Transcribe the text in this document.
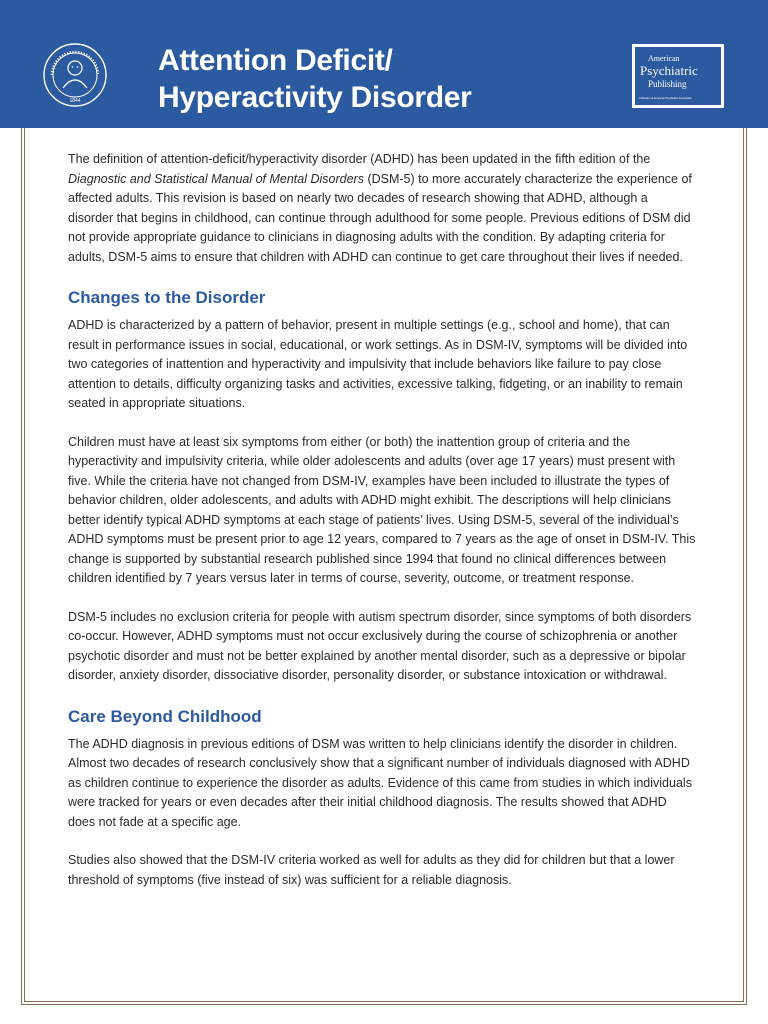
1844
Attention Deficit/
Hyperactivity Disorder
American
Psychiatric
Publishing
A Division of American Psychiatric Association

The definition of attention-deficit/hyperactivity disorder (ADHD) has been updated in the fifth edition of the Diagnostic and Statistical Manual of Mental Disorders (DSM-5) to more accurately characterize the experience of affected adults. This revision is based on nearly two decades of research showing that ADHD, although a disorder that begins in childhood, can continue through adulthood for some people. Previous editions of DSM did not provide appropriate guidance to clinicians in diagnosing adults with the condition. By adapting criteria for adults, DSM-5 aims to ensure that children with ADHD can continue to get care throughout their lives if needed.

Changes to the Disorder

ADHD is characterized by a pattern of behavior, present in multiple settings (e.g., school and home), that can result in performance issues in social, educational, or work settings. As in DSM-IV, symptoms will be divided into two categories of inattention and hyperactivity and impulsivity that include behaviors like failure to pay close attention to details, difficulty organizing tasks and activities, excessive talking, fidgeting, or an inability to remain seated in appropriate situations.

Children must have at least six symptoms from either (or both) the inattention group of criteria and the hyperactivity and impulsivity criteria, while older adolescents and adults (over age 17 years) must present with five. While the criteria have not changed from DSM-IV, examples have been included to illustrate the types of behavior children, older adolescents, and adults with ADHD might exhibit. The descriptions will help clinicians better identify typical ADHD symptoms at each stage of patients’ lives. Using DSM-5, several of the individual’s ADHD symptoms must be present prior to age 12 years, compared to 7 years as the age of onset in DSM-IV. This change is supported by substantial research published since 1994 that found no clinical differences between children identified by 7 years versus later in terms of course, severity, outcome, or treatment response.

DSM-5 includes no exclusion criteria for people with autism spectrum disorder, since symptoms of both disorders co-occur. However, ADHD symptoms must not occur exclusively during the course of schizophrenia or another psychotic disorder and must not be better explained by another mental disorder, such as a depressive or bipolar disorder, anxiety disorder, dissociative disorder, personality disorder, or substance intoxication or withdrawal.

Care Beyond Childhood

The ADHD diagnosis in previous editions of DSM was written to help clinicians identify the disorder in children. Almost two decades of research conclusively show that a significant number of individuals diagnosed with ADHD as children continue to experience the disorder as adults. Evidence of this came from studies in which individuals were tracked for years or even decades after their initial childhood diagnosis. The results showed that ADHD does not fade at a specific age.

Studies also showed that the DSM-IV criteria worked as well for adults as they did for children but that a lower threshold of symptoms (five instead of six) was sufficient for a reliable diagnosis.
